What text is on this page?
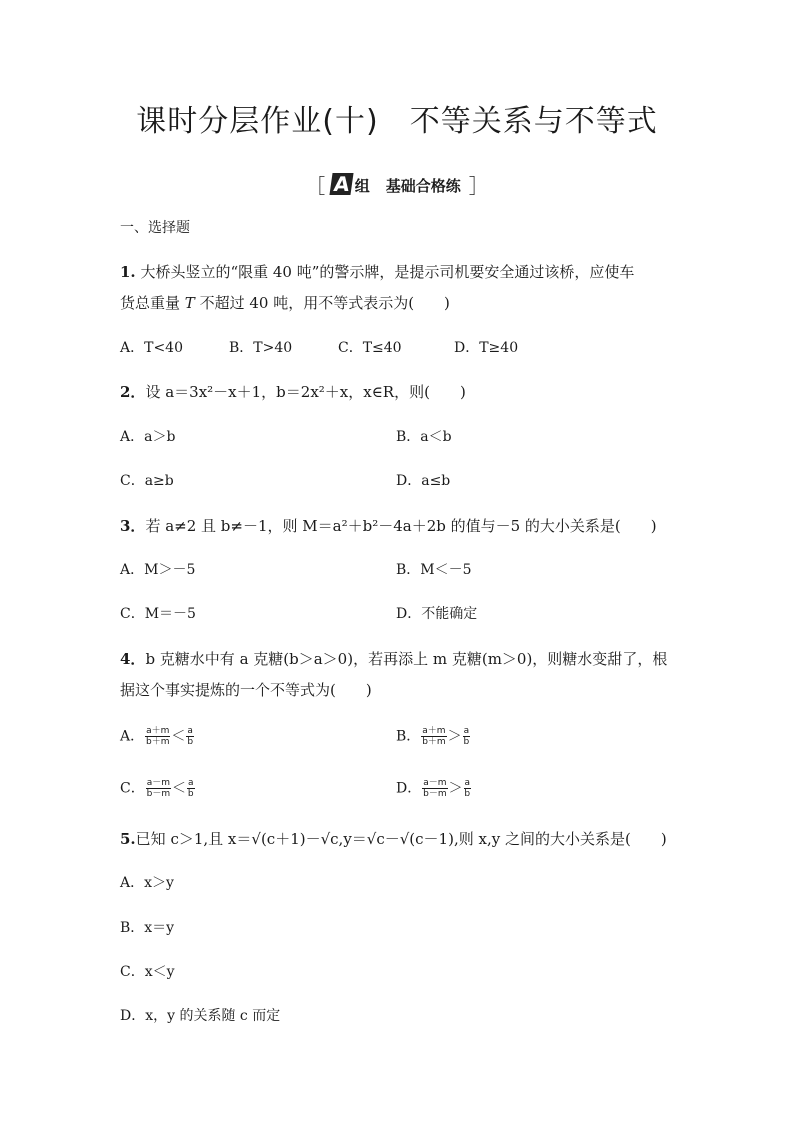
课时分层作业(十)　不等关系与不等式
［ A 组 基础合格练 ］
一、选择题
1. 大桥头竖立的“限重 40 吨”的警示牌，是提示司机要安全通过该桥，应使车
货总重量 T 不超过 40 吨，用不等式表示为(　　)
A．T<40	B．T>40	C．T≤40	D．T≥40
2．设 a＝3x²－x＋1，b＝2x²＋x，x∈R，则(　　)
A．a＞b	B．a＜b
C．a≥b	D．a≤b
3．若 a≠2 且 b≠－1，则 M＝a²＋b²－4a＋2b 的值与－5 的大小关系是(　　)
A．M＞－5	B．M＜－5
C．M＝－5	D．不能确定
4．b 克糖水中有 a 克糖(b＞a＞0)，若再添上 m 克糖(m＞0)，则糖水变甜了，根
据这个事实提炼的一个不等式为(　　)
A． $\frac{a+m}{b+m} < \frac{a}{b}$	B． $\frac{a+m}{b+m} > \frac{a}{b}$
C． $\frac{a-m}{b-m} < \frac{a}{b}$	D． $\frac{a-m}{b-m} > \frac{a}{b}$
5.已知 c＞1,且 x＝√(c＋1)－√c,y＝√c－√(c－1),则 x,y 之间的大小关系是(　　)
A．x＞y
B．x＝y
C．x＜y
D．x，y 的关系随 c 而定
